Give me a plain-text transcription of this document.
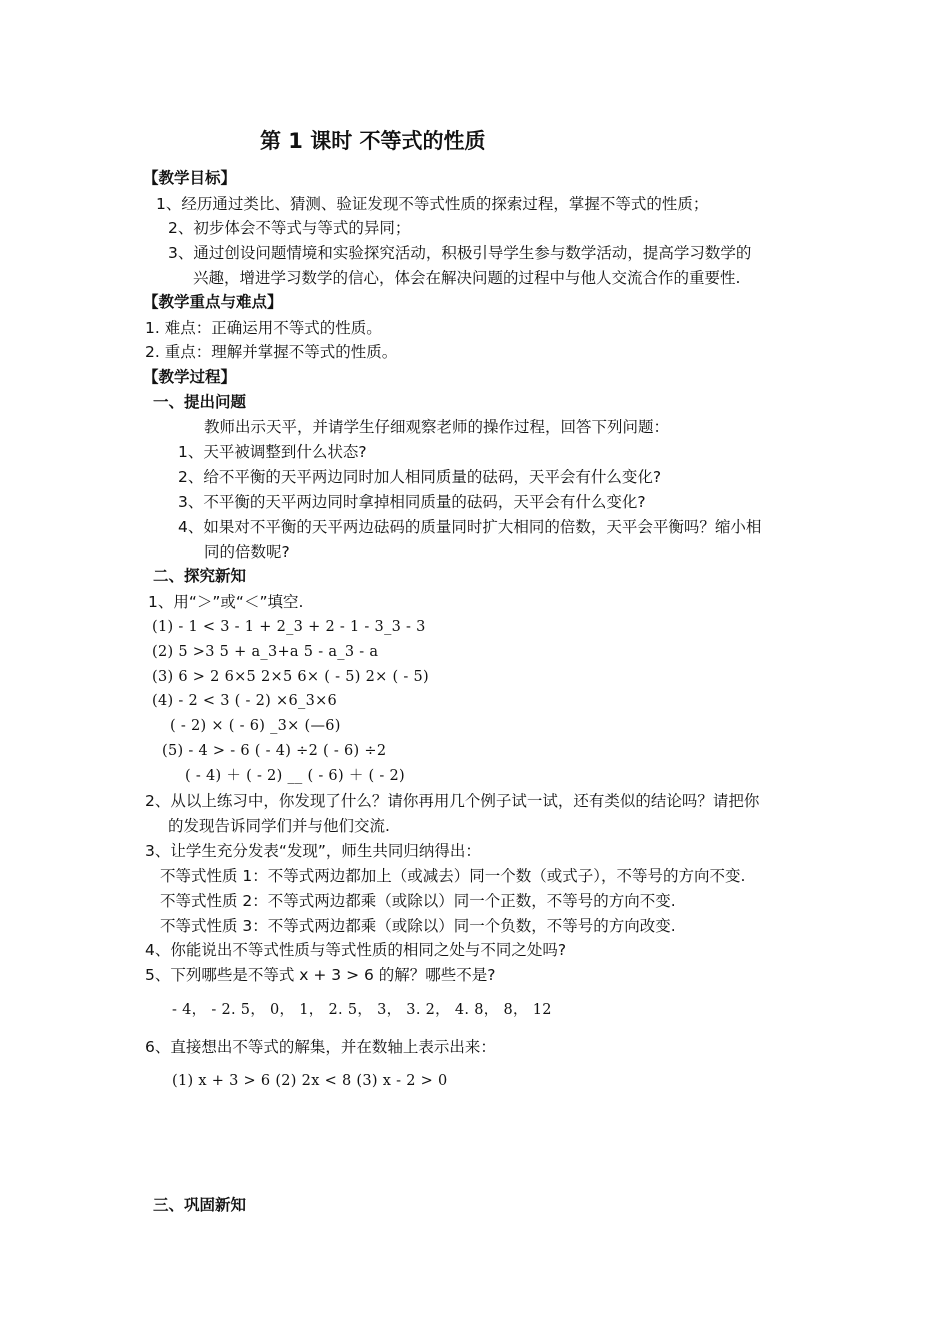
第 1 课时 不等式的性质
【教学目标】
1、经历通过类比、猜测、验证发现不等式性质的探索过程，掌握不等式的性质；
2、初步体会不等式与等式的异同；
3、通过创设问题情境和实验探究活动，积极引导学生参与数学活动，提高学习数学的
兴趣，增进学习数学的信心，体会在解决问题的过程中与他人交流合作的重要性.
【教学重点与难点】
1. 难点：正确运用不等式的性质。
2. 重点：理解并掌握不等式的性质。
【教学过程】
一、提出问题
教师出示天平，并请学生仔细观察老师的操作过程，回答下列问题：
1、天平被调整到什么状态?
2、给不平衡的天平两边同时加人相同质量的砝码，天平会有什么变化?
3、不平衡的天平两边同时拿掉相同质量的砝码，天平会有什么变化?
4、如果对不平衡的天平两边砝码的质量同时扩大相同的倍数，天平会平衡吗？缩小相
同的倍数呢?
二、探究新知
1、用“＞”或“＜”填空.
(1) - 1 < 3 - 1 + 2_3 + 2 - 1 - 3_3 - 3
(2) 5 >3 5 + a_3+a 5 - a_3 - a
(3) 6 > 2 6×5 2×5 6× ( - 5) 2× ( - 5)
(4) - 2 < 3 ( - 2) ×6_3×6
( - 2) × ( - 6) _3× (—6)
(5) - 4 > - 6 ( - 4) ÷2 ( - 6) ÷2
( - 4) ＋ ( - 2) __ ( - 6) ＋ ( - 2)
2、从以上练习中，你发现了什么？请你再用几个例子试一试，还有类似的结论吗？请把你
的发现告诉同学们并与他们交流.
3、让学生充分发表“发现”，师生共同归纳得出：
不等式性质 1：不等式两边都加上（或减去）同一个数（或式子），不等号的方向不变.
不等式性质 2：不等式两边都乘（或除以）同一个正数，不等号的方向不变.
不等式性质 3：不等式两边都乘（或除以）同一个负数，不等号的方向改变.
4、你能说出不等式性质与等式性质的相同之处与不同之处吗?
5、下列哪些是不等式 x + 3 > 6 的解？哪些不是?
- 4， - 2. 5， 0， 1， 2. 5， 3， 3. 2， 4. 8， 8， 12
6、直接想出不等式的解集，并在数轴上表示出来：
(1) x + 3 > 6 (2) 2x < 8 (3) x - 2 > 0
三、巩固新知
